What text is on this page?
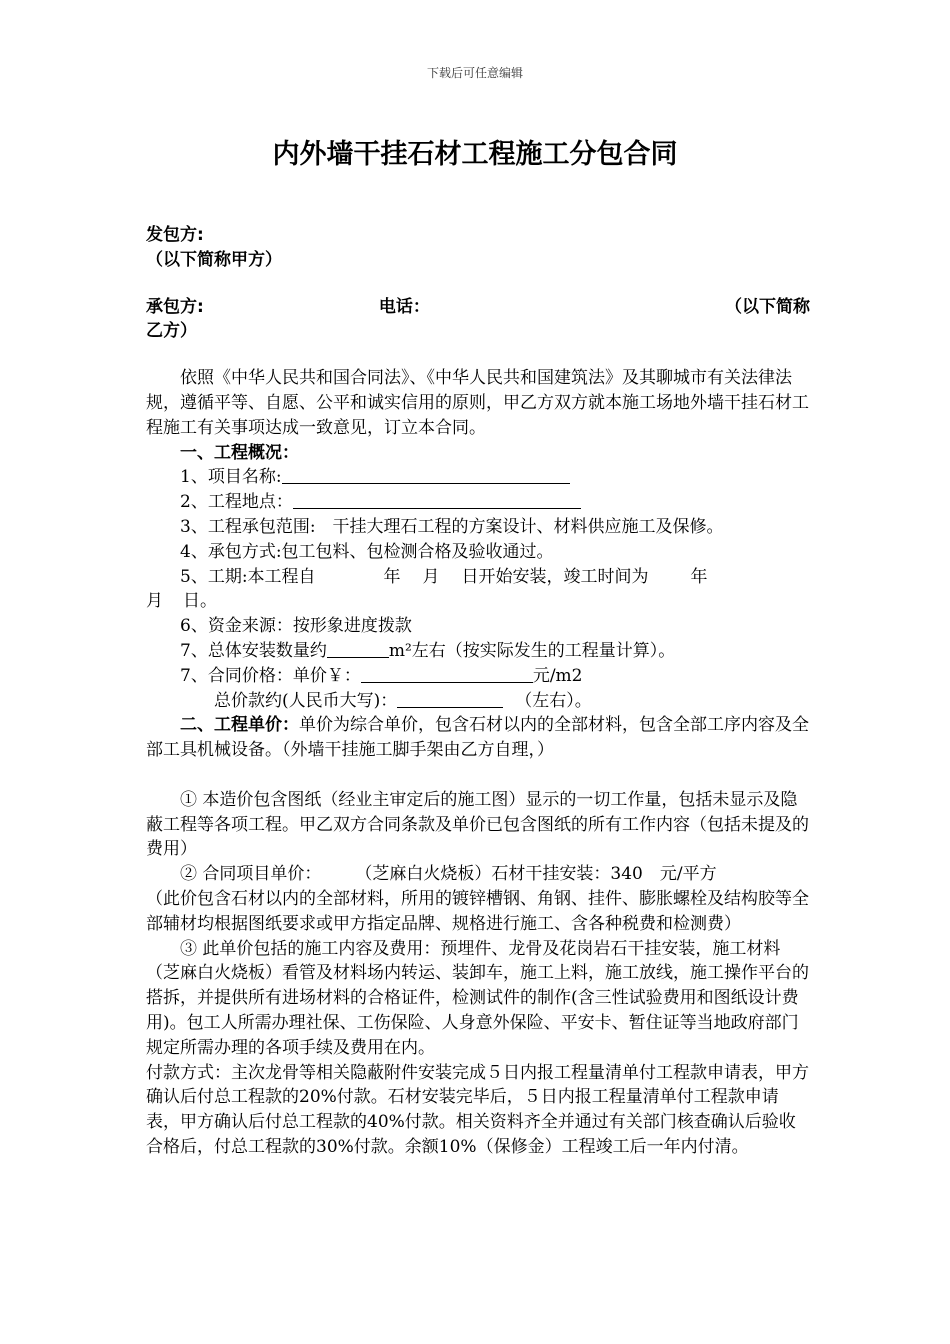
下载后可任意编辑
内外墙干挂石材工程施工分包合同

发包方:

（以下简称甲方）

承包方:	电话：	（以下简称

乙方）

依照《中华人民共和国合同法》、《中华人民共和国建筑法》及其聊城市有关法律法规，遵循平等、自愿、公平和诚实信用的原则，甲乙方双方就本施工场地外墙干挂石材工程施工有关事项达成一致意见，订立本合同。

一、工程概况：

1、项目名称:

2、工程地点：

3、工程承包范围:　干挂大理石工程的方案设计、材料供应施工及保修。

4、承包方式:包工包料、包检测合格及验收通过。

5、工期:本工程自	年 月 日开始安装，竣工时间为 年

月 日。

6、资金来源：按形象进度拨款

7、总体安装数量约	m²左右（按实际发生的工程量计算）。

7、合同价格：单价￥：	元/m2

总价款约(人民币大写)：	（左右）。

二、工程单价：单价为综合单价，包含石材以内的全部材料，包含全部工序内容及全部工具机械设备。（外墙干挂施工脚手架由乙方自理，）

① 本造价包含图纸（经业主审定后的施工图）显示的一切工作量，包括未显示及隐蔽工程等各项工程。甲乙双方合同条款及单价已包含图纸的所有工作内容（包括未提及的费用）

② 合同项目单价： （芝麻白火烧板）石材干挂安装：340　元/平方

（此价包含石材以内的全部材料，所用的镀锌槽钢、角钢、挂件、膨胀螺栓及结构胶等全部辅材均根据图纸要求或甲方指定品牌、规格进行施工、含各种税费和检测费）

③ 此单价包括的施工内容及费用：预埋件、龙骨及花岗岩石干挂安装，施工材料（芝麻白火烧板）看管及材料场内转运、装卸车，施工上料，施工放线，施工操作平台的搭拆，并提供所有进场材料的合格证件，检测试件的制作(含三性试验费用和图纸设计费用)。包工人所需办理社保、工伤保险、人身意外保险、平安卡、暂住证等当地政府部门规定所需办理的各项手续及费用在内。

付款方式：主次龙骨等相关隐蔽附件安装完成５日内报工程量清单付工程款申请表，甲方确认后付总工程款的20%付款。石材安装完毕后，５日内报工程量清单付工程款申请表，甲方确认后付总工程款的40%付款。相关资料齐全并通过有关部门核查确认后验收合格后，付总工程款的30%付款。余额10%（保修金）工程竣工后一年内付清。
